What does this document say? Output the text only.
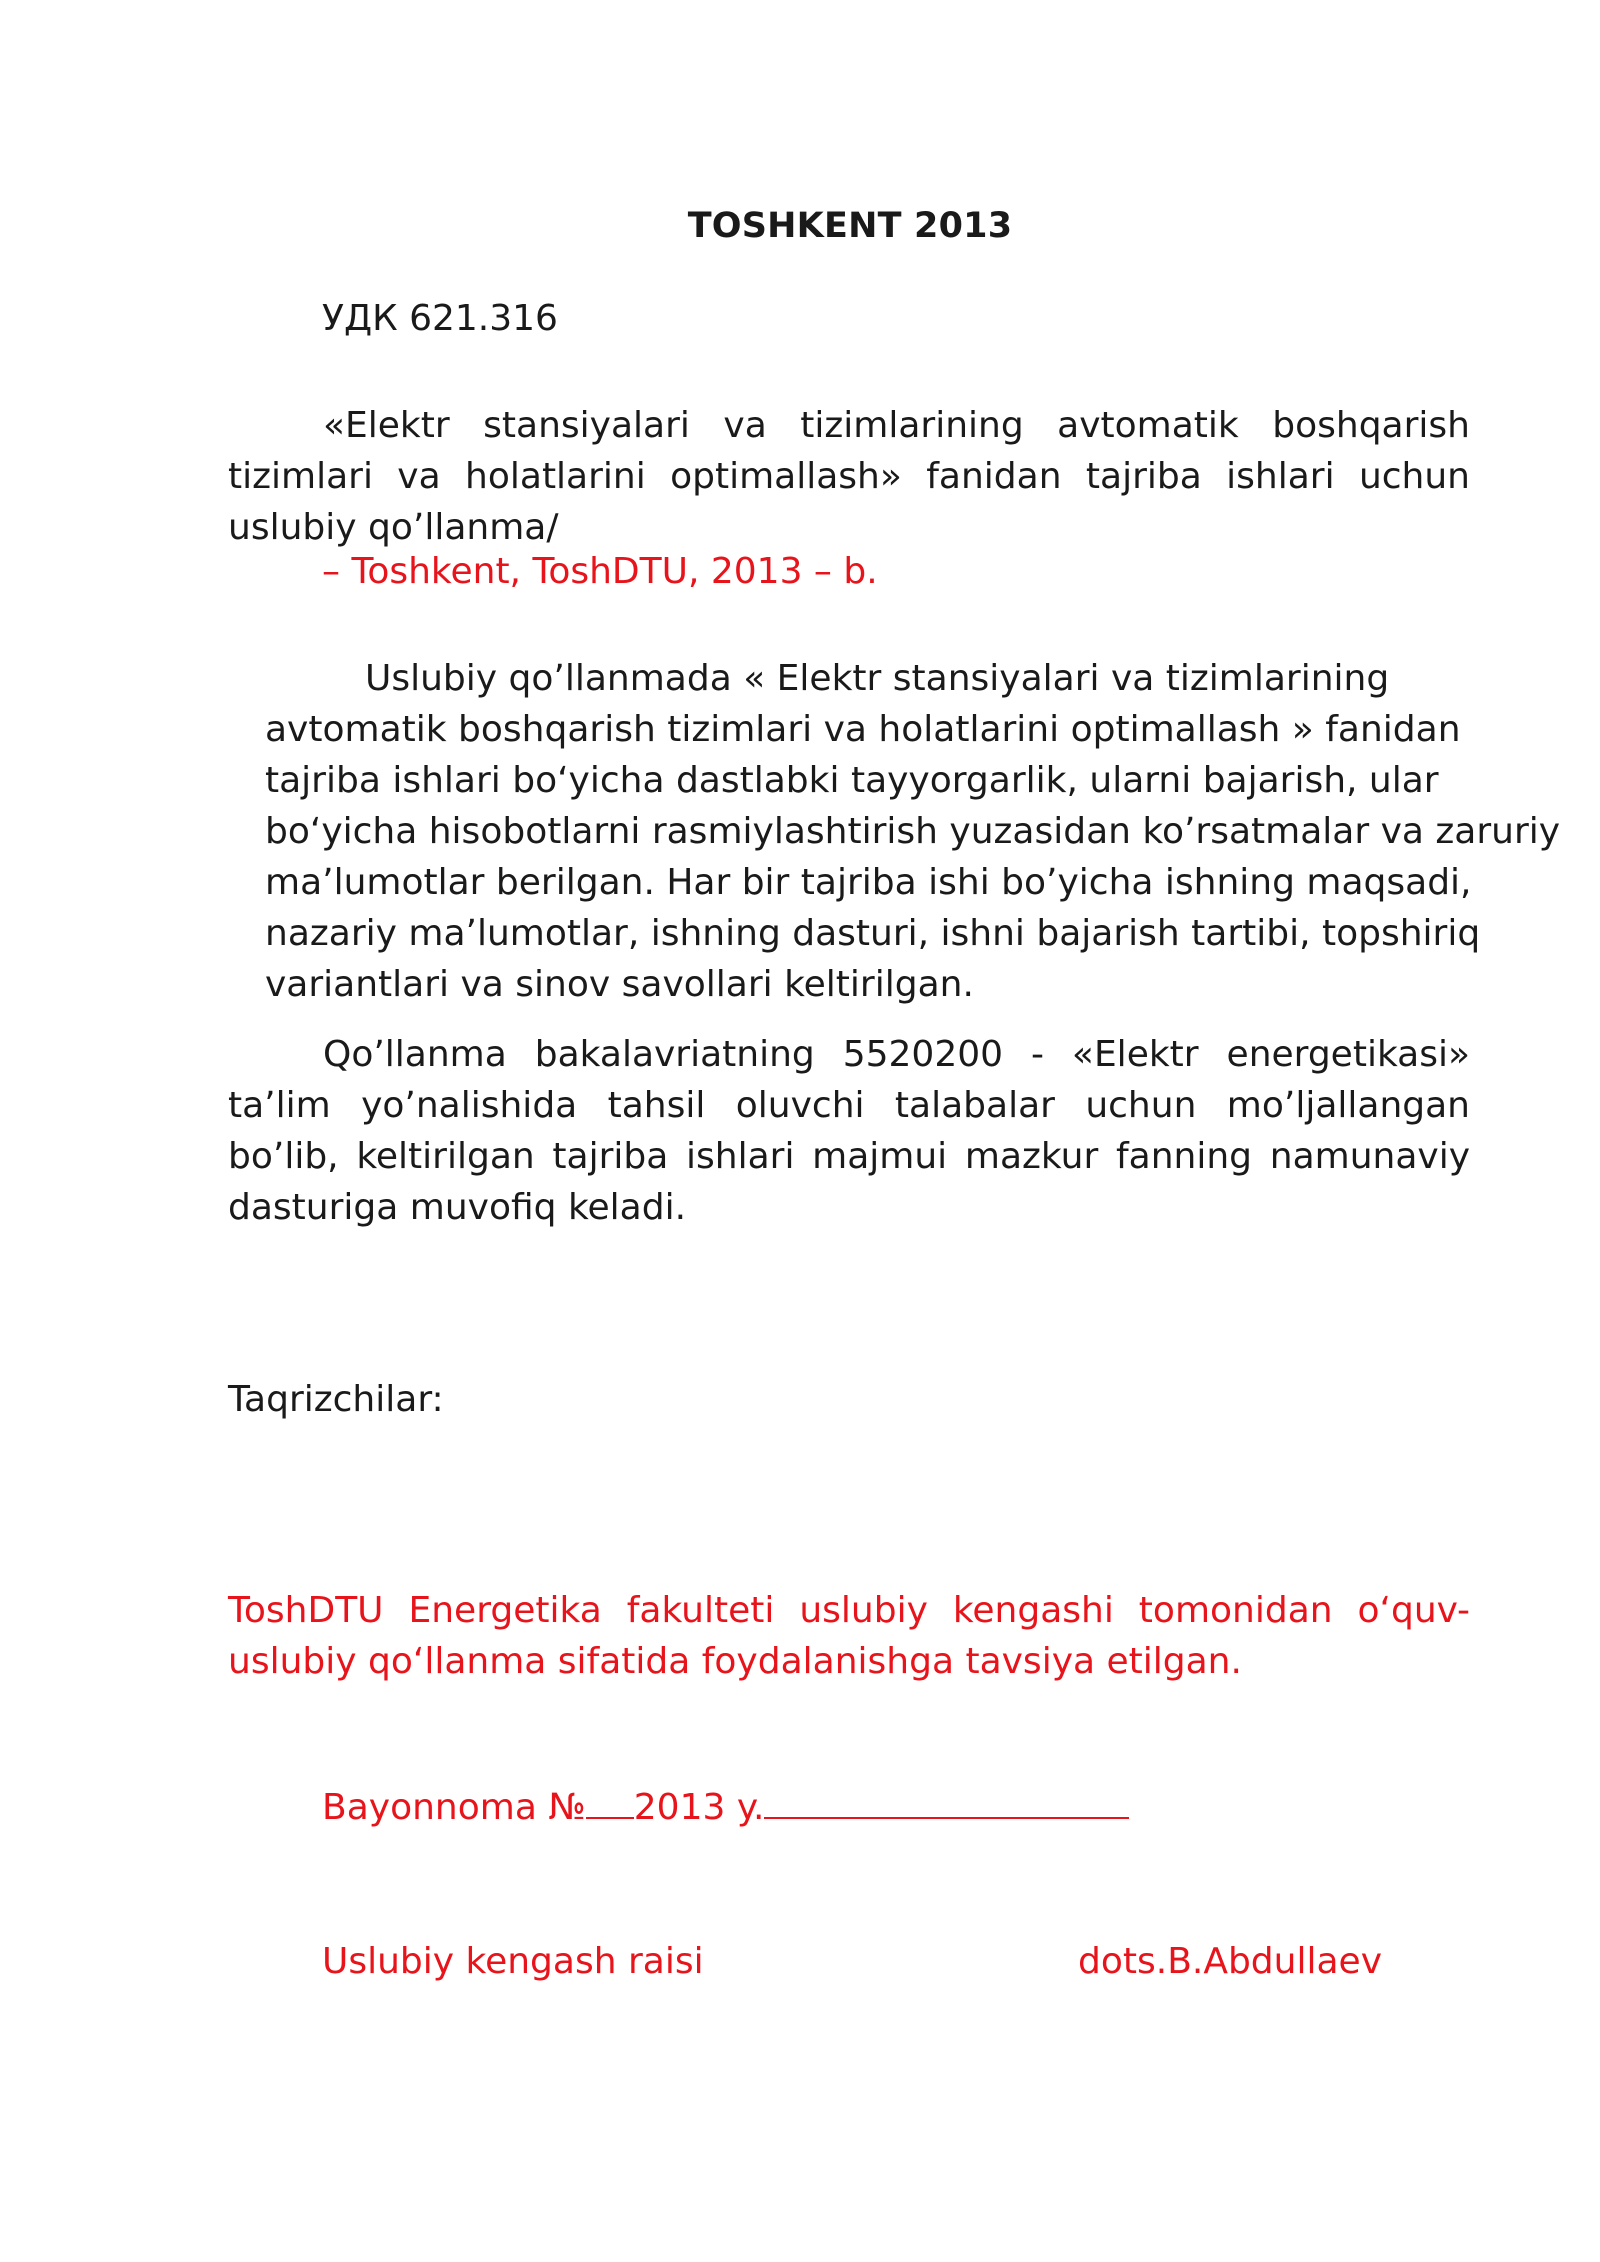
TOSHKENT 2013
УДК 621.316
«Elektr stansiyalari va tizimlarining avtomatik boshqarish tizimlari va holatlarini optimallash» fanidan tajriba ishlari uchun uslubiy qo’llanma/
– Toshkent, ToshDTU, 2013 – b.
Uslubiy qo’llanmada « Elektr stansiyalari va tizimlarining
avtomatik boshqarish tizimlari va holatlarini optimallash » fanidan
tajriba ishlari bo‘yicha dastlabki tayyorgarlik, ularni bajarish, ular
bo‘yicha hisobotlarni rasmiylashtirish yuzasidan ko’rsatmalar va zaruriy
ma’lumotlar berilgan. Har bir tajriba ishi bo’yicha ishning maqsadi,
nazariy ma’lumotlar, ishning dasturi, ishni bajarish tartibi, topshiriq
variantlari va sinov savollari keltirilgan.
Qo’llanma bakalavriatning 5520200 - «Elektr energetikasi» ta’lim yo’nalishida tahsil oluvchi talabalar uchun mo’ljallangan bo’lib, keltirilgan tajriba ishlari majmui mazkur fanning namunaviy dasturiga muvofiq keladi.
Taqrizchilar:
ToshDTU Energetika fakulteti uslubiy kengashi tomonidan o‘quv-uslubiy qo‘llanma sifatida foydalanishga tavsiya etilgan.
Bayonnoma № 2013 y.
Uslubiy kengash raisi	dots.B.Abdullaev
